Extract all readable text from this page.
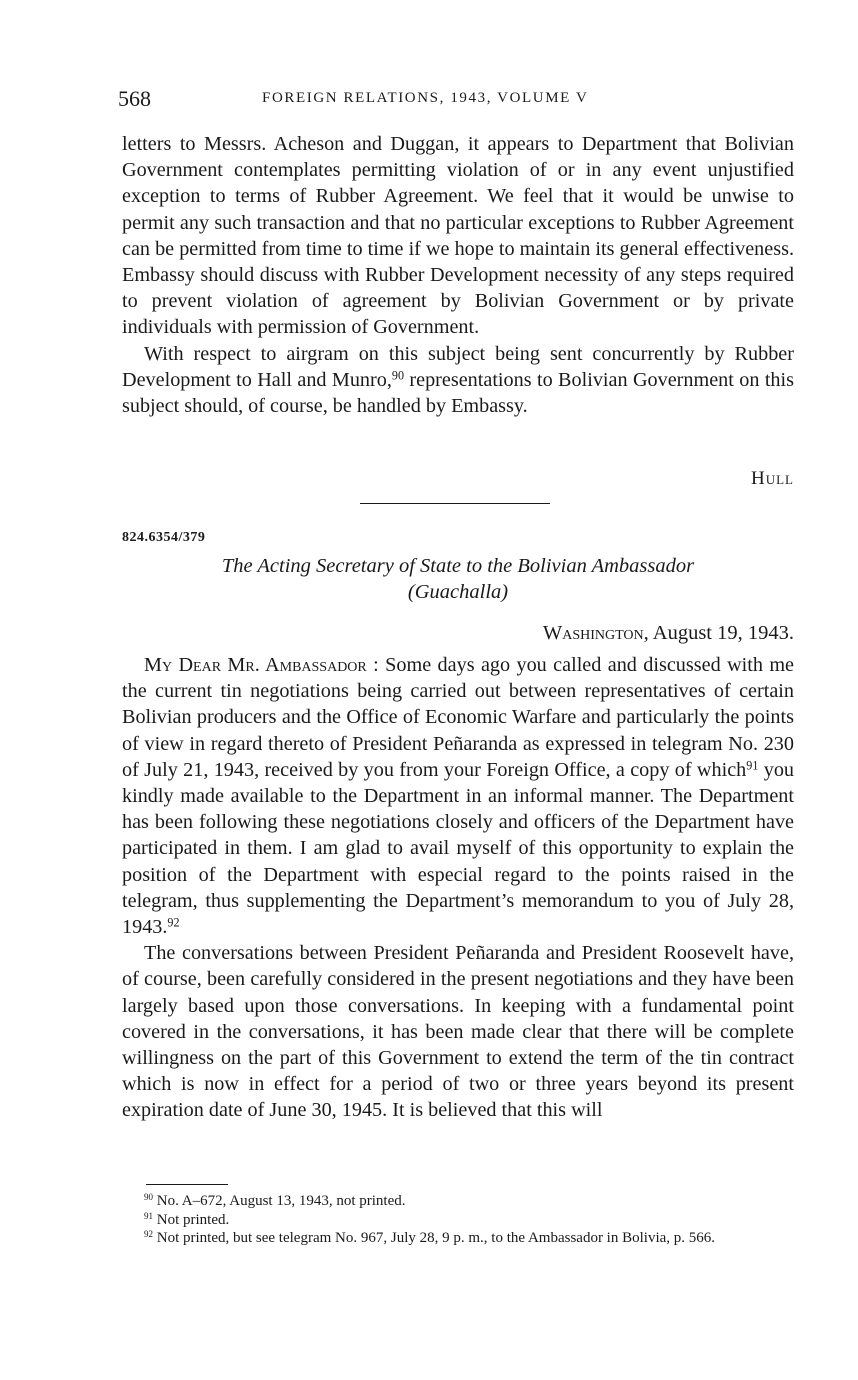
568	FOREIGN RELATIONS, 1943, VOLUME V

letters to Messrs. Acheson and Duggan, it appears to Department that Bolivian Government contemplates permitting violation of or in any event unjustified exception to terms of Rubber Agreement. We feel that it would be unwise to permit any such transaction and that no particular exceptions to Rubber Agreement can be permitted from time to time if we hope to maintain its general effectiveness. Embassy should discuss with Rubber Development necessity of any steps required to prevent violation of agreement by Bolivian Government or by private individuals with permission of Government.

With respect to airgram on this subject being sent concurrently by Rubber Development to Hall and Munro,$^{90}$ representations to Bolivian Government on this subject should, of course, be handled by Embassy.

Hull
824.6354/379
The Acting Secretary of State to the Bolivian Ambassador
(Guachalla)
Washington, August 19, 1943.

My Dear Mr. Ambassador : Some days ago you called and discussed with me the current tin negotiations being carried out between representatives of certain Bolivian producers and the Office of Economic Warfare and particularly the points of view in regard thereto of President Peñaranda as expressed in telegram No. 230 of July 21, 1943, received by you from your Foreign Office, a copy of which$^{91}$ you kindly made available to the Department in an informal manner. The Department has been following these negotiations closely and officers of the Department have participated in them. I am glad to avail myself of this opportunity to explain the position of the Department with especial regard to the points raised in the telegram, thus supplementing the Department’s memorandum to you of July 28, 1943.92

The conversations between President Peñaranda and President Roosevelt have, of course, been carefully considered in the present negotiations and they have been largely based upon those conversations. In keeping with a fundamental point covered in the conversations, it has been made clear that there will be complete willingness on the part of this Government to extend the term of the tin contract which is now in effect for a period of two or three years beyond its present expiration date of June 30, 1945. It is believed that this will

$^{90}$ No. A–672, August 13, 1943, not printed.

$^{91}$ Not printed.

$^{92}$ Not printed, but see telegram No. 967, July 28, 9 p. m., to the Ambassador in Bolivia, p. 566.
